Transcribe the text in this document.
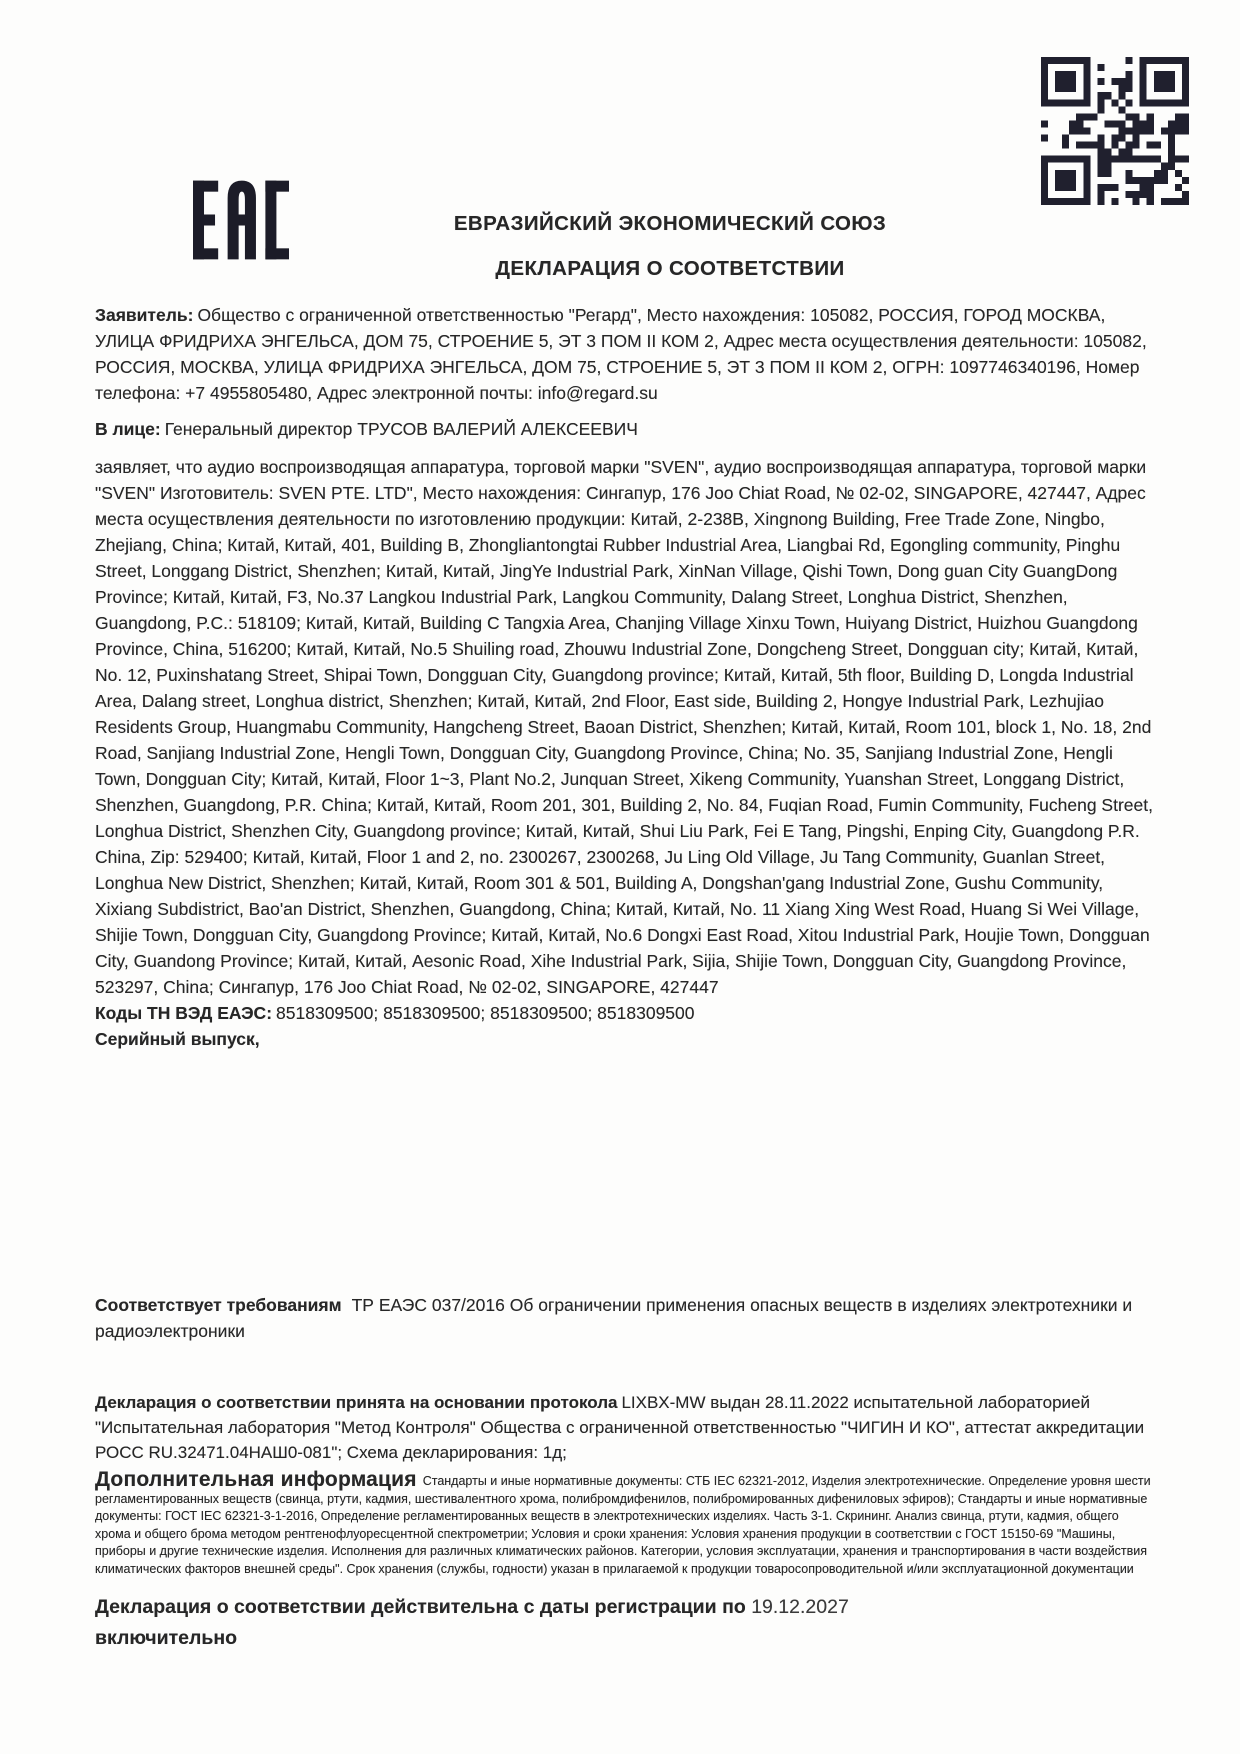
ЕВРАЗИЙСКИЙ ЭКОНОМИЧЕСКИЙ СОЮЗ
ДЕКЛАРАЦИЯ О СООТВЕТСТВИИ

Заявитель: Общество с ограниченной ответственностью "Регард", Место нахождения: 105082, РОССИЯ, ГОРОД МОСКВА, УЛИЦА ФРИДРИХА ЭНГЕЛЬСА, ДОМ 75, СТРОЕНИЕ 5, ЭТ 3 ПОМ II КОМ 2, Адрес места осуществления деятельности: 105082, РОССИЯ, МОСКВА, УЛИЦА ФРИДРИХА ЭНГЕЛЬСА, ДОМ 75, СТРОЕНИЕ 5, ЭТ 3 ПОМ II КОМ 2, ОГРН: 1097746340196, Номер телефона: +7 4955805480, Адрес электронной почты: info@regard.su

В лице: Генеральный директор ТРУСОВ ВАЛЕРИЙ АЛЕКСЕЕВИЧ

заявляет, что аудио воспроизводящая аппаратура, торговой марки "SVEN", аудио воспроизводящая аппаратура, торговой марки "SVEN" Изготовитель: SVEN PTE. LTD", Место нахождения: Сингапур, 176 Joo Chiat Road, № 02-02, SINGAPORE, 427447, Адрес места осуществления деятельности по изготовлению продукции: Китай, 2-238B, Xingnong Building, Free Trade Zone, Ningbo, Zhejiang, China; Китай, Китай, 401, Building B, Zhongliantongtai Rubber Industrial Area, Liangbai Rd, Egongling community, Pinghu Street, Longgang District, Shenzhen; Китай, Китай, JingYe Industrial Park, XinNan Village, Qishi Town, Dong guan City GuangDong Province; Китай, Китай, F3, No.37 Langkou Industrial Park, Langkou Community, Dalang Street, Longhua District, Shenzhen, Guangdong, P.C.: 518109; Китай, Китай, Building C Tangxia Area, Chanjing Village Xinxu Town, Huiyang District, Huizhou Guangdong Province, China, 516200; Китай, Китай, No.5 Shuiling road, Zhouwu Industrial Zone, Dongcheng Street, Dongguan city; Китай, Китай, No. 12, Puxinshatang Street, Shipai Town, Dongguan City, Guangdong province; Китай, Китай, 5th floor, Building D, Longda Industrial Area, Dalang street, Longhua district, Shenzhen; Китай, Китай, 2nd Floor, East side, Building 2, Hongye Industrial Park, Lezhujiao Residents Group, Huangmabu Community, Hangcheng Street, Baoan District, Shenzhen; Китай, Китай, Room 101, block 1, No. 18, 2nd Road, Sanjiang Industrial Zone, Hengli Town, Dongguan City, Guangdong Province, China; No. 35, Sanjiang Industrial Zone, Hengli Town, Dongguan City; Китай, Китай, Floor 1~3, Plant No.2, Junquan Street, Xikeng Community, Yuanshan Street, Longgang District, Shenzhen, Guangdong, P.R. China; Китай, Китай, Room 201, 301, Building 2, No. 84, Fuqian Road, Fumin Community, Fucheng Street, Longhua District, Shenzhen City, Guangdong province; Китай, Китай, Shui Liu Park, Fei E Tang, Pingshi, Enping City, Guangdong P.R. China, Zip: 529400; Китай, Китай, Floor 1 and 2, no. 2300267, 2300268, Ju Ling Old Village, Ju Tang Community, Guanlan Street, Longhua New District, Shenzhen; Китай, Китай, Room 301 & 501, Building A, Dongshan'gang Industrial Zone, Gushu Community, Xixiang Subdistrict, Bao'an District, Shenzhen, Guangdong, China; Китай, Китай, No. 11 Xiang Xing West Road, Huang Si Wei Village, Shijie Town, Dongguan City, Guangdong Province; Китай, Китай, No.6 Dongxi East Road, Xitou Industrial Park, Houjie Town, Dongguan City, Guandong Province; Китай, Китай, Aesonic Road, Xihe Industrial Park, Sijia, Shijie Town, Dongguan City, Guangdong Province, 523297, China; Сингапур, 176 Joo Chiat Road, № 02-02, SINGAPORE, 427447

Коды ТН ВЭД ЕАЭС: 8518309500; 8518309500; 8518309500; 8518309500

Серийный выпуск,

Соответствует требованиям ТР ЕАЭС 037/2016 Об ограничении применения опасных веществ в изделиях электротехники и радиоэлектроники

Декларация о соответствии принята на основании протокола LIXBX-MW выдан 28.11.2022 испытательной лабораторией "Испытательная лаборатория "Метод Контроля" Общества с ограниченной ответственностью "ЧИГИН И КО", аттестат аккредитации РОСС RU.32471.04НАШ0-081"; Схема декларирования: 1д;

Дополнительная информация Стандарты и иные нормативные документы: СТБ IEC 62321-2012, Изделия электротехнические. Определение уровня шести регламентированных веществ (свинца, ртути, кадмия, шестивалентного хрома, полибромдифенилов, полибромированных дифениловых эфиров); Стандарты и иные нормативные документы: ГОСТ IEC 62321-3-1-2016, Определение регламентированных веществ в электротехнических изделиях. Часть 3-1. Скрининг. Анализ свинца, ртути, кадмия, общего хрома и общего брома методом рентгенофлуоресцентной спектрометрии; Условия и сроки хранения: Условия хранения продукции в соответствии с ГОСТ 15150-69 "Машины, приборы и другие технические изделия. Исполнения для различных климатических районов. Категории, условия эксплуатации, хранения и транспортирования в части воздействия климатических факторов внешней среды". Срок хранения (службы, годности) указан в прилагаемой к продукции товаросопроводительной и/или эксплуатационной документации

Декларация о соответствии действительна с даты регистрации по 19.12.2027
включительно
